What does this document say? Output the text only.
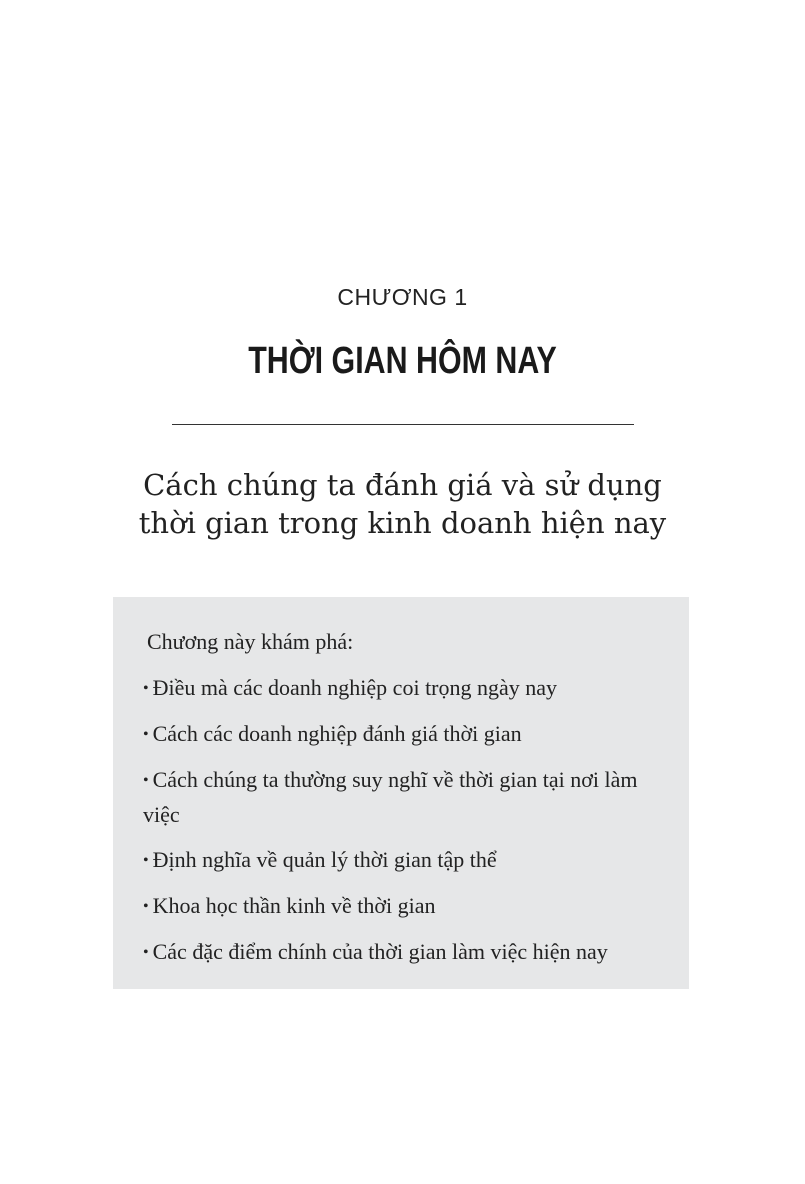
CHƯƠNG 1
THỜI GIAN HÔM NAY
Cách chúng ta đánh giá và sử dụng
thời gian trong kinh doanh hiện nay
Chương này khám phá:
• Điều mà các doanh nghiệp coi trọng ngày nay
• Cách các doanh nghiệp đánh giá thời gian
• Cách chúng ta thường suy nghĩ về thời gian tại nơi làm việc
• Định nghĩa về quản lý thời gian tập thể
• Khoa học thần kinh về thời gian
• Các đặc điểm chính của thời gian làm việc hiện nay
